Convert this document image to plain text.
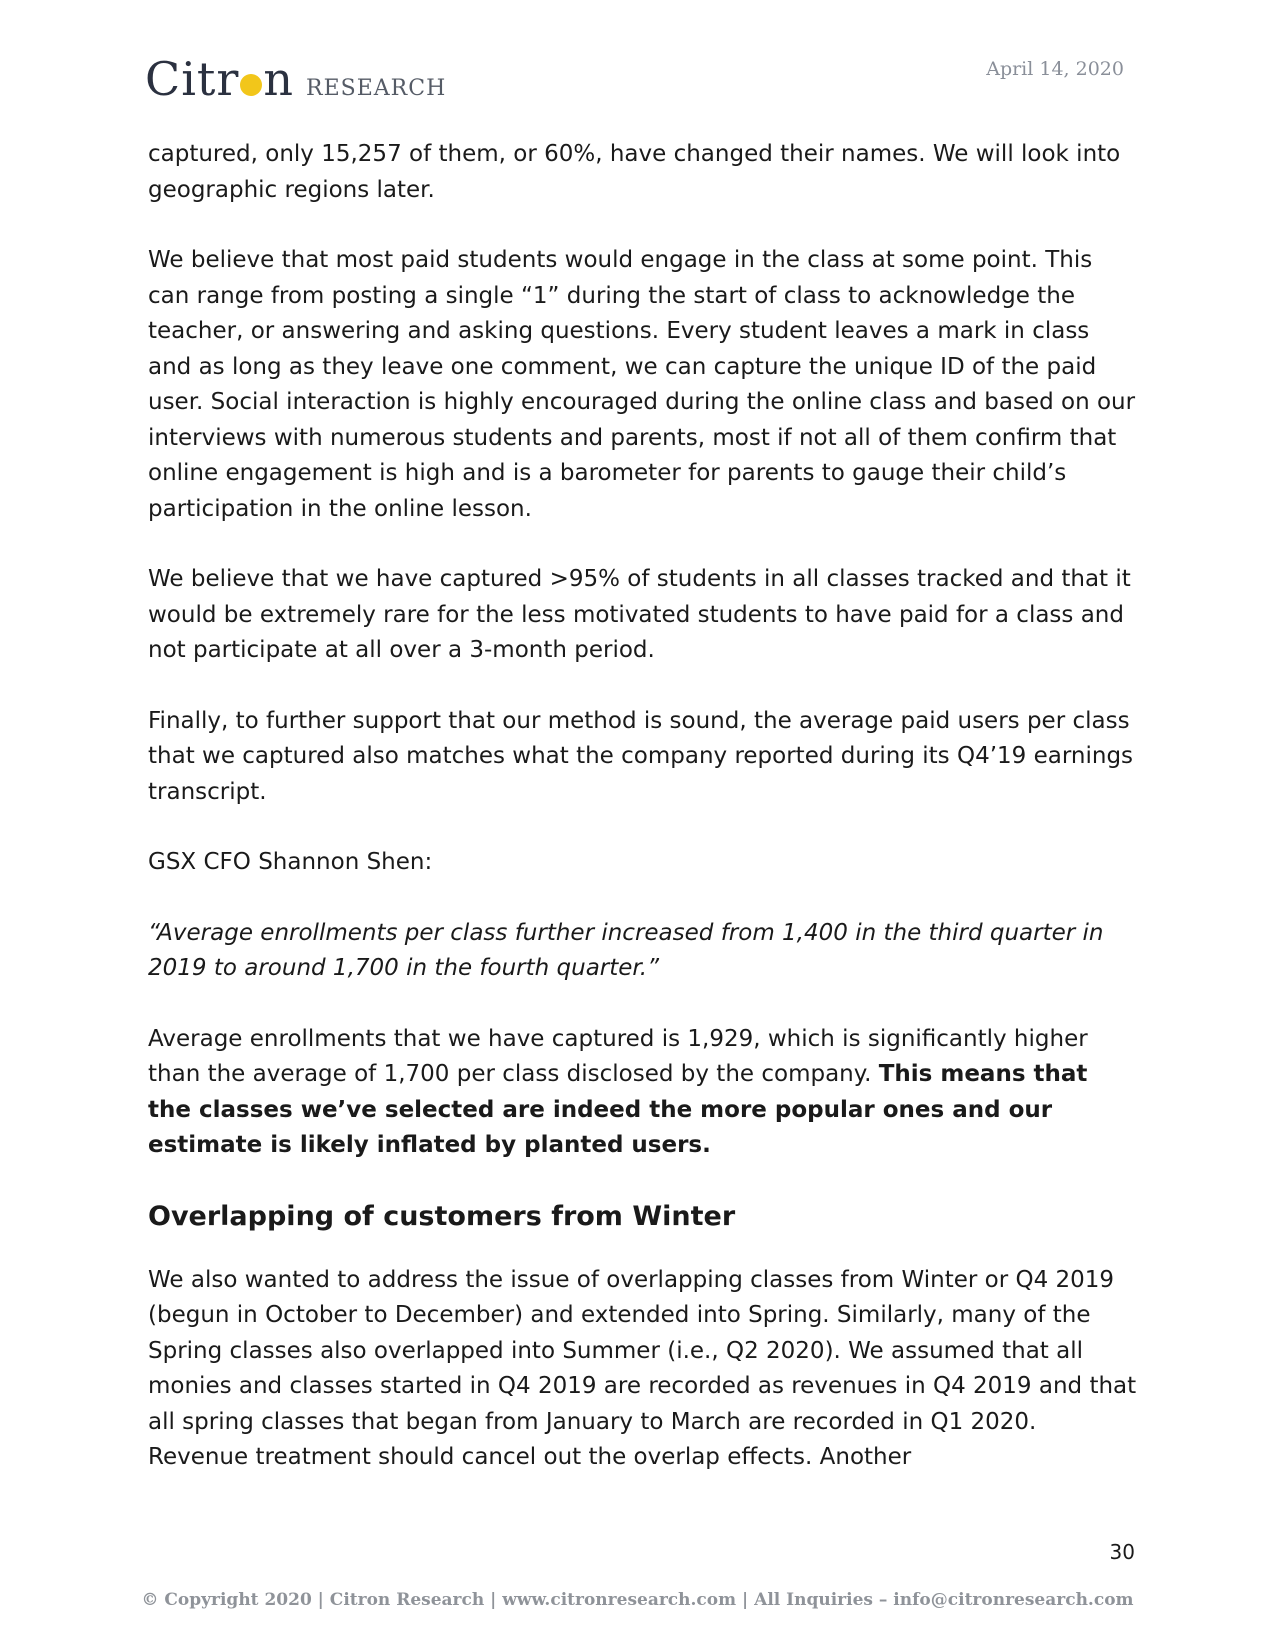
Citr n RESEARCH
April 14, 2020

captured, only 15,257 of them, or 60%, have changed their names. We will look into geographic regions later.

We believe that most paid students would engage in the class at some point. This can range from posting a single “1” during the start of class to acknowledge the teacher, or answering and asking questions. Every student leaves a mark in class and as long as they leave one comment, we can capture the unique ID of the paid user. Social interaction is highly encouraged during the online class and based on our interviews with numerous students and parents, most if not all of them confirm that online engagement is high and is a barometer for parents to gauge their child’s participation in the online lesson.

We believe that we have captured >95% of students in all classes tracked and that it would be extremely rare for the less motivated students to have paid for a class and not participate at all over a 3-month period.

Finally, to further support that our method is sound, the average paid users per class that we captured also matches what the company reported during its Q4’19 earnings transcript.

GSX CFO Shannon Shen:

“Average enrollments per class further increased from 1,400 in the third quarter in 2019 to around 1,700 in the fourth quarter.”

Average enrollments that we have captured is 1,929, which is significantly higher than the average of 1,700 per class disclosed by the company. This means that the classes we’ve selected are indeed the more popular ones and our estimate is likely inflated by planted users.

Overlapping of customers from Winter

We also wanted to address the issue of overlapping classes from Winter or Q4 2019 (begun in October to December) and extended into Spring. Similarly, many of the Spring classes also overlapped into Summer (i.e., Q2 2020). We assumed that all monies and classes started in Q4 2019 are recorded as revenues in Q4 2019 and that all spring classes that began from January to March are recorded in Q1 2020. Revenue treatment should cancel out the overlap effects. Another

30
© Copyright 2020 | Citron Research | www.citronresearch.com | All Inquiries – info@citronresearch.com
